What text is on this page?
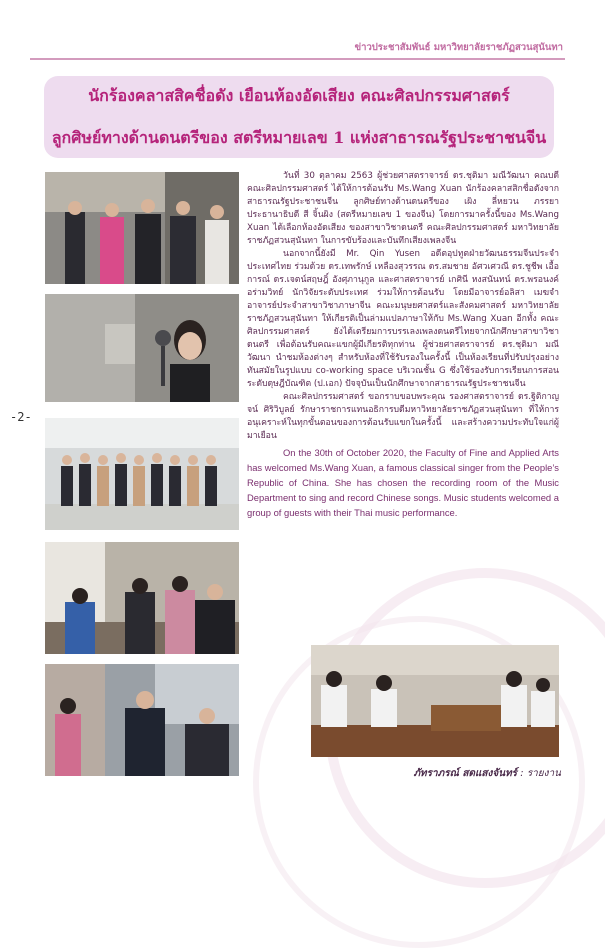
ข่าวประชาสัมพันธ์ มหาวิทยาลัยราชภัฏสวนสุนันทา
-2-
นักร้องคลาสสิคชื่อดัง เยือนห้องอัดเสียง คณะศิลปกรรมศาสตร์
ลูกศิษย์ทางด้านดนตรีของ สตรีหมายเลข 1 แห่งสาธารณรัฐประชาชนจีน

วันที่ 30 ตุลาคม 2563 ผู้ช่วยศาสตราจารย์ ดร.ชุติมา มณีวัฒนา คณบดีคณะศิลปกรรมศาสตร์ ได้ให้การต้อนรับ Ms.Wang Xuan นักร้องคลาสสิกชื่อดังจากสาธารณรัฐประชาชนจีน ลูกศิษย์ทางด้านดนตรีของ เผิง ลี่หยวน ภรรยาประธานาธิบดี สี จิ้นผิง (สตรีหมายเลข 1 ของจีน) โดยการมาครั้งนี้ของ Ms.Wang Xuan ได้เลือกห้องอัดเสียง ของสาขาวิชาดนตรี คณะศิลปกรรมศาสตร์ มหาวิทยาลัยราชภัฏสวนสุนันทา ในการขับร้องและบันทึกเสียงเพลงจีน

นอกจากนี้ยังมี Mr. Qin Yusen อดีตอุปทูตฝ่ายวัฒนธรรมจีนประจำประเทศไทย ร่วมด้วย ดร.เทพรักษ์ เหลืองสุวรรณ ดร.สมชาย อัศวเศวณี ดร.ชูชีพ เอื้อการณ์ ดร.เจตน์สฤษฎิ์ อังศุภานุกูล และศาสตราจารย์ เกศินี หงสนันทน์ ดร.พรอนงค์ อร่ามวิทย์ นักวิจัยระดับประเทศ ร่วมให้การต้อนรับ โดยมีอาจารย์อลิสา เมฆจำ อาจารย์ประจำสาขาวิชาภาษาจีน คณะมนุษยศาสตร์และสังคมศาสตร์ มหาวิทยาลัยราชภัฏสวนสุนันทา ให้เกียรติเป็นล่ามแปลภาษาให้กับ Ms.Wang Xuan อีกทั้ง คณะศิลปกรรมศาสตร์ ยังได้เตรียมการบรรเลงเพลงดนตรีไทยจากนักศึกษาสาขาวิชาดนตรี เพื่อต้อนรับคณะแขกผู้มีเกียรติทุกท่าน ผู้ช่วยศาสตราจารย์ ดร.ชุติมา มณีวัฒนา นำชมห้องต่างๆ สำหรับห้องที่ใช้รับรองในครั้งนี้ เป็นห้องเรียนที่ปรับปรุงอย่างทันสมัยในรูปแบบ co-working space บริเวณชั้น G ซึ่งใช้รองรับการเรียนการสอนระดับดุษฎีบัณฑิต (ป.เอก) ปัจจุบันเป็นนักศึกษาจากสาธารณรัฐประชาชนจีน

คณะศิลปกรรมศาสตร์ ขอกราบขอบพระคุณ รองศาสตราจารย์ ดร.ฐิติกาญจน์ ศิริวิบูลย์ รักษาราชการแทนอธิการบดีมหาวิทยาลัยราชภัฏสวนสุนันทา ที่ให้การอนุเคราะห์ในทุกขั้นตอนของการต้อนรับแขกในครั้งนี้ และสร้างความประทับใจแก่ผู้มาเยือน

On the 30th of October 2020, the Faculty of Fine and Applied Arts has welcomed Ms.Wang Xuan, a famous classical singer from the People’s Republic of China. She has chosen the recording room of the Music Department to sing and record Chinese songs. Music students welcomed a group of guests with their Thai music performance.

ภัทราภรณ์ สดแสงจันทร์ : รายงาน
